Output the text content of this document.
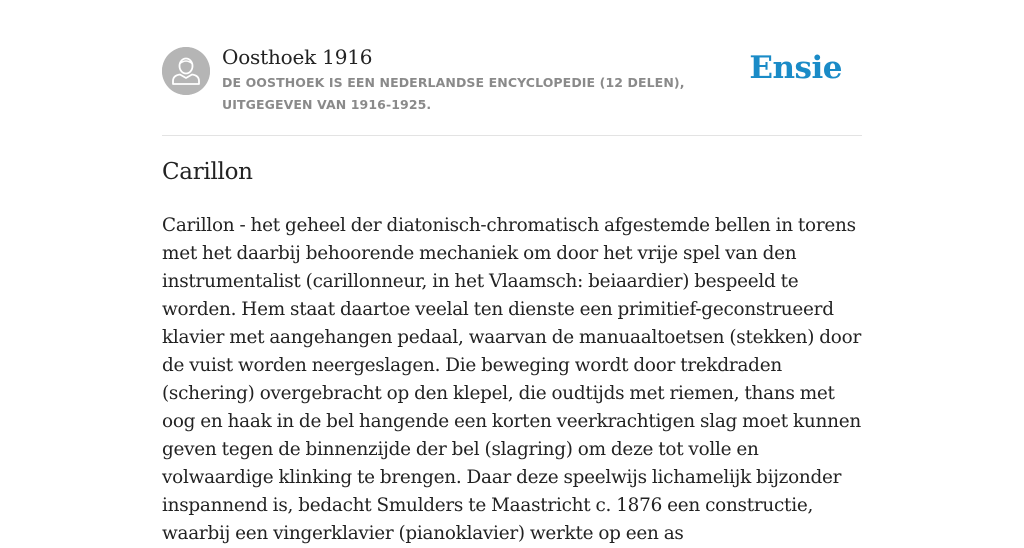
Oosthoek 1916
DE OOSTHOEK IS EEN NEDERLANDSE ENCYCLOPEDIE (12 DELEN), UITGEGEVEN VAN 1916-1925.
Ensie
Carillon

Carillon - het geheel der diatonisch-chromatisch afgestemde bellen in torens met het daarbij behoorende mechaniek om door het vrije spel van den instrumentalist (carillonneur, in het Vlaamsch: beiaardier) bespeeld te worden. Hem staat daartoe veelal ten dienste een primitief-geconstrueerd klavier met aangehangen pedaal, waarvan de manuaaltoetsen (stekken) door de vuist worden neergeslagen. Die beweging wordt door trekdraden (schering) overgebracht op den klepel, die oudtijds met riemen, thans met oog en haak in de bel hangende een korten veerkrachtigen slag moet kunnen geven tegen de binnenzijde der bel (slagring) om deze tot volle en volwaardige klinking te brengen. Daar deze speelwijs lichamelijk bijzonder inspannend is, bedacht Smulders te Maastricht c. 1876 een constructie, waarbij een vingerklavier (pianoklavier) werkte op een as
